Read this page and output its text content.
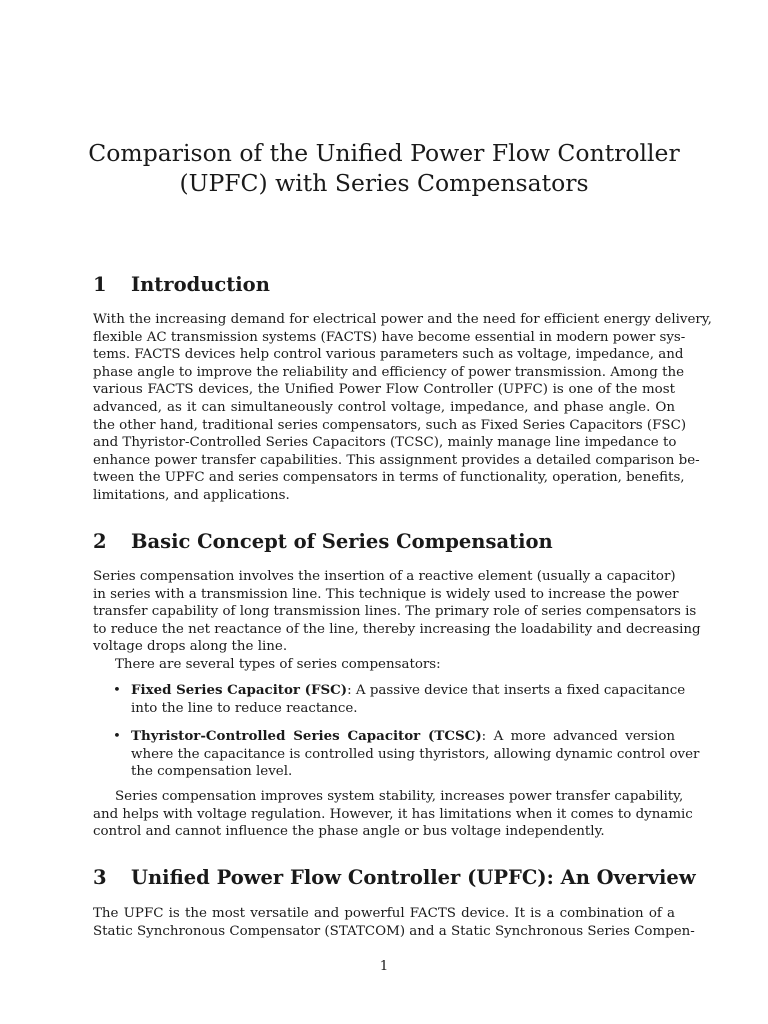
Comparison of the Unified Power Flow Controller
(UPFC) with Series Compensators
1 Introduction
With the increasing demand for electrical power and the need for efficient energy delivery,
flexible AC transmission systems (FACTS) have become essential in modern power sys-
tems. FACTS devices help control various parameters such as voltage, impedance, and
phase angle to improve the reliability and efficiency of power transmission. Among the
various FACTS devices, the Unified Power Flow Controller (UPFC) is one of the most
advanced, as it can simultaneously control voltage, impedance, and phase angle. On
the other hand, traditional series compensators, such as Fixed Series Capacitors (FSC)
and Thyristor-Controlled Series Capacitors (TCSC), mainly manage line impedance to
enhance power transfer capabilities. This assignment provides a detailed comparison be-
tween the UPFC and series compensators in terms of functionality, operation, benefits,
limitations, and applications.
2 Basic Concept of Series Compensation
Series compensation involves the insertion of a reactive element (usually a capacitor)
in series with a transmission line. This technique is widely used to increase the power
transfer capability of long transmission lines. The primary role of series compensators is
to reduce the net reactance of the line, thereby increasing the loadability and decreasing
voltage drops along the line.
There are several types of series compensators:
• Fixed Series Capacitor (FSC): A passive device that inserts a fixed capacitance
into the line to reduce reactance.
• Thyristor-Controlled Series Capacitor (TCSC): A more advanced version
where the capacitance is controlled using thyristors, allowing dynamic control over
the compensation level.
Series compensation improves system stability, increases power transfer capability,
and helps with voltage regulation. However, it has limitations when it comes to dynamic
control and cannot influence the phase angle or bus voltage independently.
3 Unified Power Flow Controller (UPFC): An Overview
The UPFC is the most versatile and powerful FACTS device. It is a combination of a
Static Synchronous Compensator (STATCOM) and a Static Synchronous Series Compen-
1
